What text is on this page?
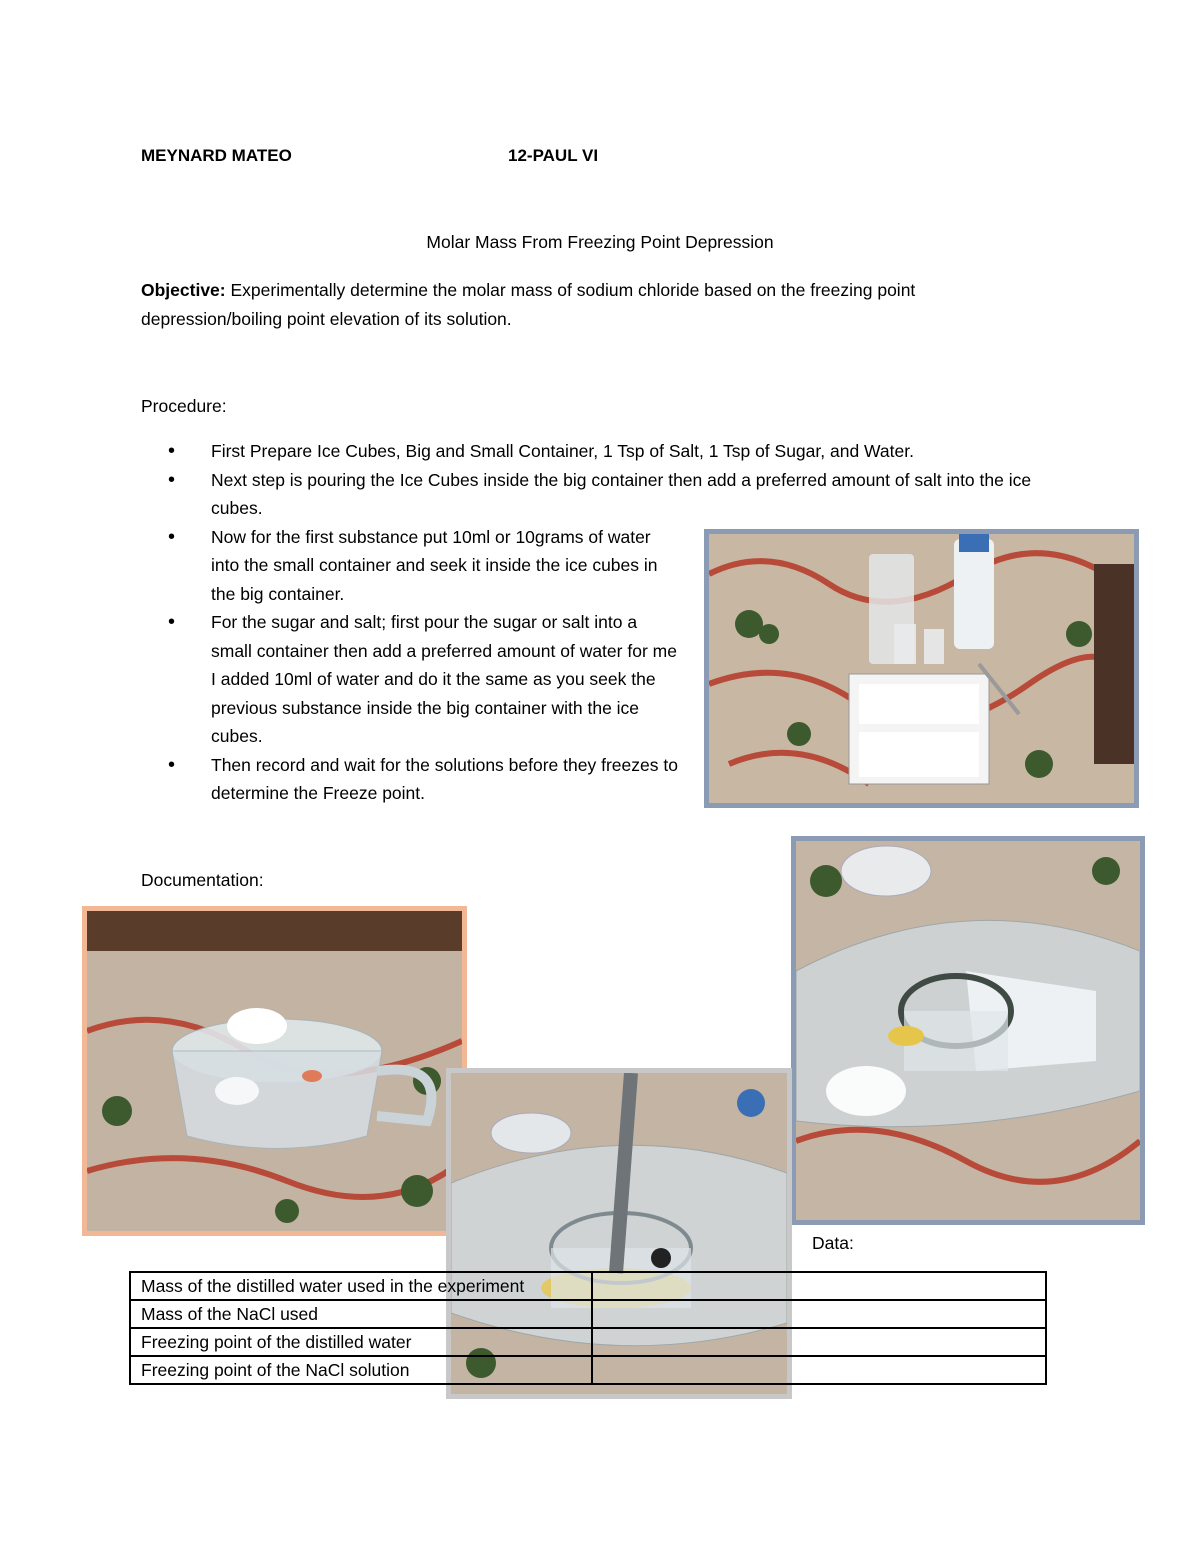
MEYNARD MATEO	12-PAUL VI
Molar Mass From Freezing Point Depression
Objective: Experimentally determine the molar mass of sodium chloride based on the freezing point
depression/boiling point elevation of its solution.
Procedure:
• First Prepare Ice Cubes, Big and Small Container, 1 Tsp of Salt, 1 Tsp of Sugar, and Water.
• Next step is pouring the Ice Cubes inside the big container then add a preferred amount of salt into the ice cubes.
• Now for the first substance put 10ml or 10grams of water into the small container and seek it inside the ice cubes in the big container.
• For the sugar and salt; first pour the sugar or salt into a small container then add a preferred amount of water for me I added 10ml of water and do it the same as you seek the previous substance inside the big container with the ice cubes.
• Then record and wait for the solutions before they freezes to determine the Freeze point.
Documentation:
Data:
Mass of the distilled water used in the experiment	
Mass of the NaCl used	
Freezing point of the distilled water	
Freezing point of the NaCl solution	
